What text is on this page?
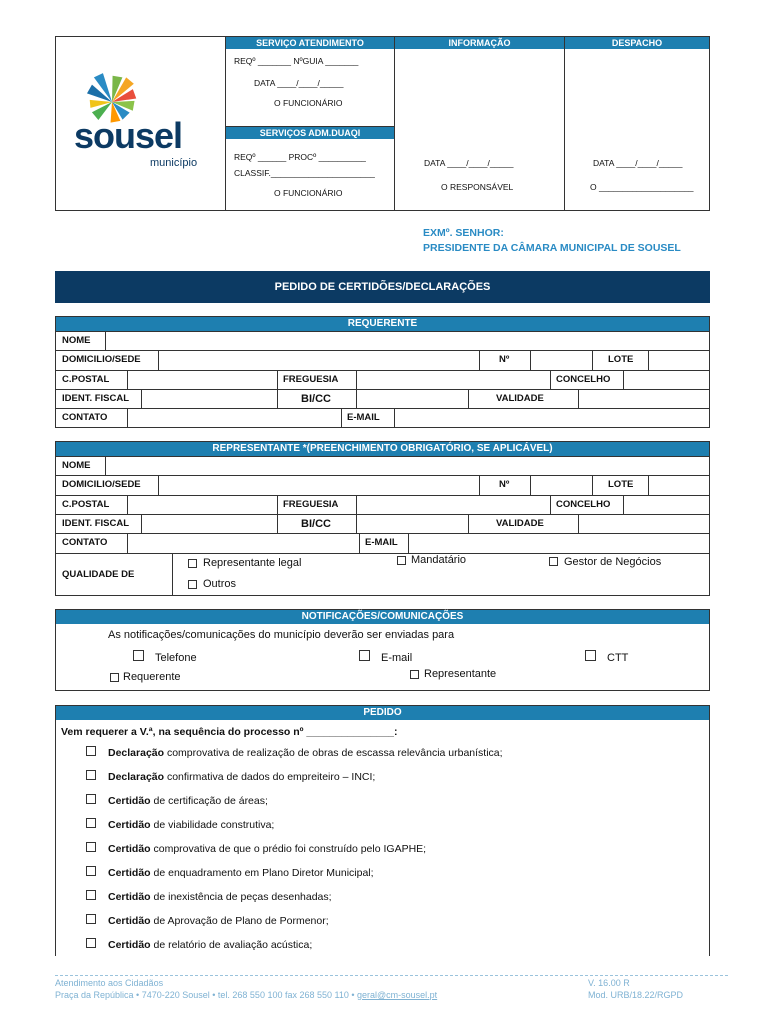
SERVIÇO ATENDIMENTO	INFORMAÇÃO	DESPACHO
REQº _______ NºGUIA _______
DATA ____/____/_____
O FUNCIONÁRIO
SERVIÇOS ADM.DUAQI
REQº ______ PROCº __________
CLASSIF.______________________
O FUNCIONÁRIO
DATA ____/____/_____
O RESPONSÁVEL
DATA ____/____/_____
O ____________________
sousel
município
EXMº. SENHOR:
PRESIDENTE DA CÂMARA MUNICIPAL DE SOUSEL
PEDIDO DE CERTIDÕES/DECLARAÇÕES
REQUERENTE
NOME
DOMICILIO/SEDE	Nº	LOTE
C.POSTAL	FREGUESIA	CONCELHO
IDENT. FISCAL	BI/CC	VALIDADE
CONTATO	E-MAIL
REPRESENTANTE *(PREENCHIMENTO OBRIGATÓRIO, SE APLICÁVEL)
NOME
DOMICILIO/SEDE	Nº	LOTE
C.POSTAL	FREGUESIA	CONCELHO
IDENT. FISCAL	BI/CC	VALIDADE
CONTATO	E-MAIL
QUALIDADE DE
Representante legal	Mandatário	Gestor de Negócios
Outros
NOTIFICAÇÕES/COMUNICAÇÕES
As notificações/comunicações do município deverão ser enviadas para
Telefone	E-mail	CTT
Requerente	Representante
PEDIDO
Vem requerer a V.ª, na sequência do processo nº _______________:
Declaração comprovativa de realização de obras de escassa relevância urbanística;
Declaração confirmativa de dados do empreiteiro – INCI;
Certidão de certificação de áreas;
Certidão de viabilidade construtiva;
Certidão comprovativa de que o prédio foi construído pelo IGAPHE;
Certidão de enquadramento em Plano Diretor Municipal;
Certidão de inexistência de peças desenhadas;
Certidão de Aprovação de Plano de Pormenor;
Certidão de relatório de avaliação acústica;
Atendimento aos Cidadãos
Praça da República • 7470-220 Sousel • tel. 268 550 100 fax 268 550 110 • geral@cm-sousel.pt
V. 16.00 R
Mod. URB/18.22/RGPD
